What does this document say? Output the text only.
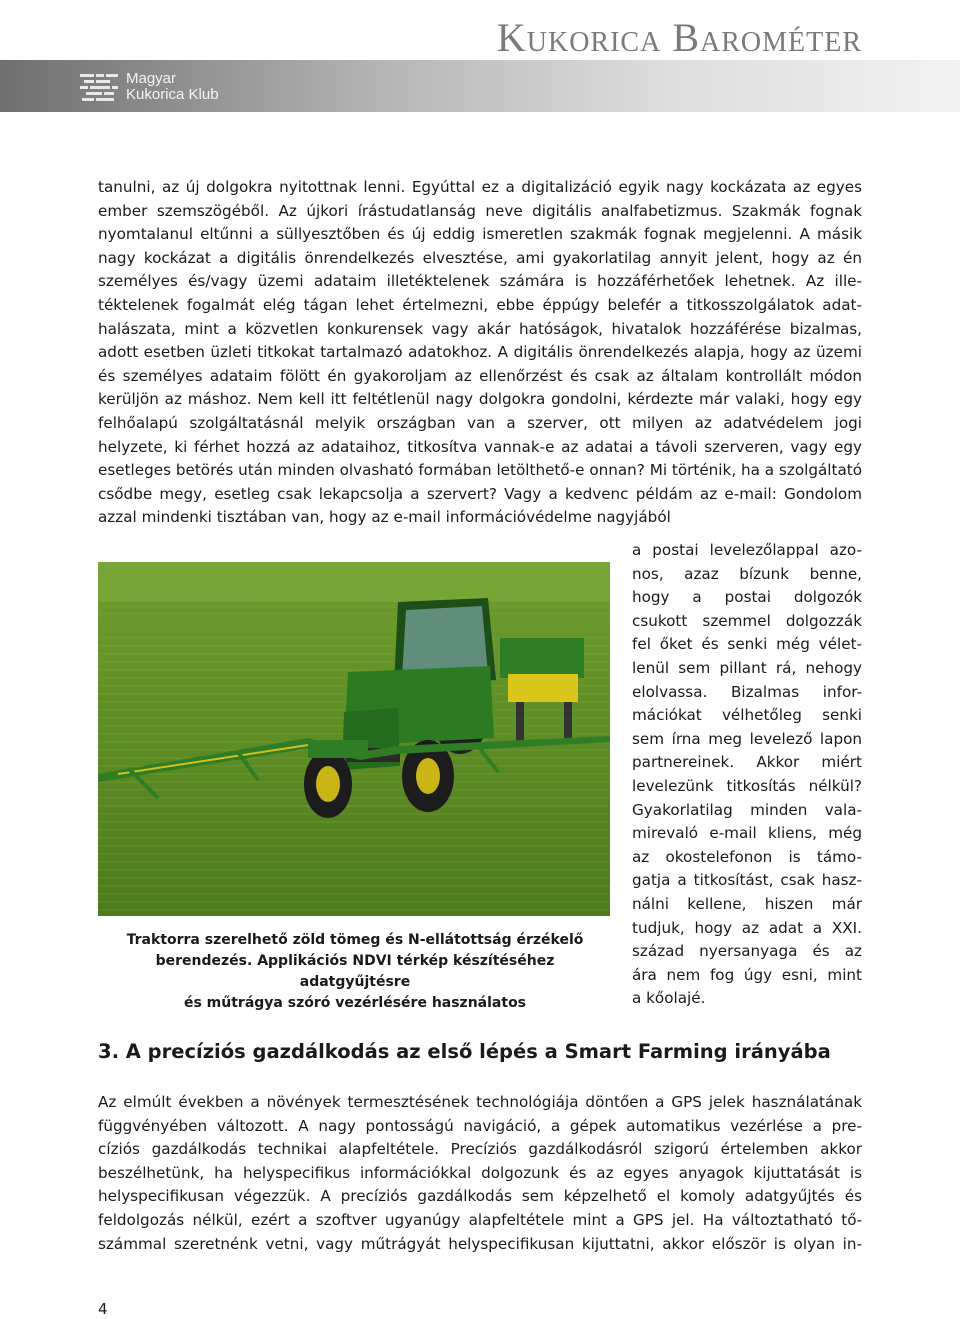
Kukorica Barométer
Magyar
Kukorica Klub

tanulni, az új dolgokra nyitottnak lenni. Egyúttal ez a digitalizáció egyik nagy kockázata az egyes ember szemszögéből. Az újkori írástudatlanság neve digitális analfabetizmus. Szakmák fognak nyomtalanul eltűnni a süllyesztőben és új eddig ismeretlen szakmák fognak megjelenni. A másik nagy kockázat a digitális önrendelkezés elvesztése, ami gyakorlatilag annyit jelent, hogy az én személyes és/vagy üzemi adataim illetéktelenek számára is hozzáférhetőek lehetnek. Az illetéktelenek fogalmát elég tágan lehet értelmezni, ebbe éppúgy belefér a titkosszolgálatok adathalászata, mint a közvetlen konkurensek vagy akár hatóságok, hivatalok hozzáférése bizalmas, adott esetben üzleti titkokat tartalmazó adatokhoz. A digitális önrendelkezés alapja, hogy az üzemi és személyes adataim fölött én gyakoroljam az ellenőrzést és csak az általam kontrollált módon kerüljön az máshoz. Nem kell itt feltétlenül nagy dolgokra gondolni, kérdezte már valaki, hogy egy felhőalapú szolgáltatásnál melyik országban van a szerver, ott milyen az adatvédelem jogi helyzete, ki férhet hozzá az adataihoz, titkosítva vannak-e az adatai a távoli szerveren, vagy egy esetleges betörés után minden olvasható formában letölthető-e onnan? Mi történik, ha a szolgáltató csődbe megy, esetleg csak lekapcsolja a szervert? Vagy a kedvenc példám az e-mail: Gondolom azzal mindenki tisztában van, hogy az e-mail információvédelme nagyjából

Traktorra szerelhető zöld tömeg és N-ellátottság érzékelő
berendezés. Applikációs NDVI térkép készítéséhez adatgyűjtésre
és műtrágya szóró vezérlésére használatos
a postai levelezőlappal azo-
nos, azaz bízunk benne,
hogy a postai dolgozók
csukott szemmel dolgozzák
fel őket és senki még vélet-
lenül sem pillant rá, nehogy
elolvassa. Bizalmas infor-
mációkat vélhetőleg senki
sem írna meg levelező lapon
partnereinek. Akkor miért
levelezünk titkosítás nélkül?
Gyakorlatilag minden vala-
mirevaló e-mail kliens, még
az okostelefonon is támo-
gatja a titkosítást, csak hasz-
nálni kellene, hiszen már
tudjuk, hogy az adat a XXI.
század nyersanyaga és az
ára nem fog úgy esni, mint
a kőolajé.
3. A precíziós gazdálkodás az első lépés a Smart Farming irányába
Az elmúlt években a növények termesztésének technológiája döntően a GPS jelek használatának
függvényében változott. A nagy pontosságú navigáció, a gépek automatikus vezérlése a pre-
cíziós gazdálkodás technikai alapfeltétele. Precíziós gazdálkodásról szigorú értelemben akkor
beszélhetünk, ha helyspecifikus információkkal dolgozunk és az egyes anyagok kijuttatását is
helyspecifikusan végezzük. A precíziós gazdálkodás sem képzelhető el komoly adatgyűjtés és
feldolgozás nélkül, ezért a szoftver ugyanúgy alapfeltétele mint a GPS jel. Ha változtatható tő-
számmal szeretnénk vetni, vagy műtrágyát helyspecifikusan kijuttatni, akkor először is olyan in-
4
